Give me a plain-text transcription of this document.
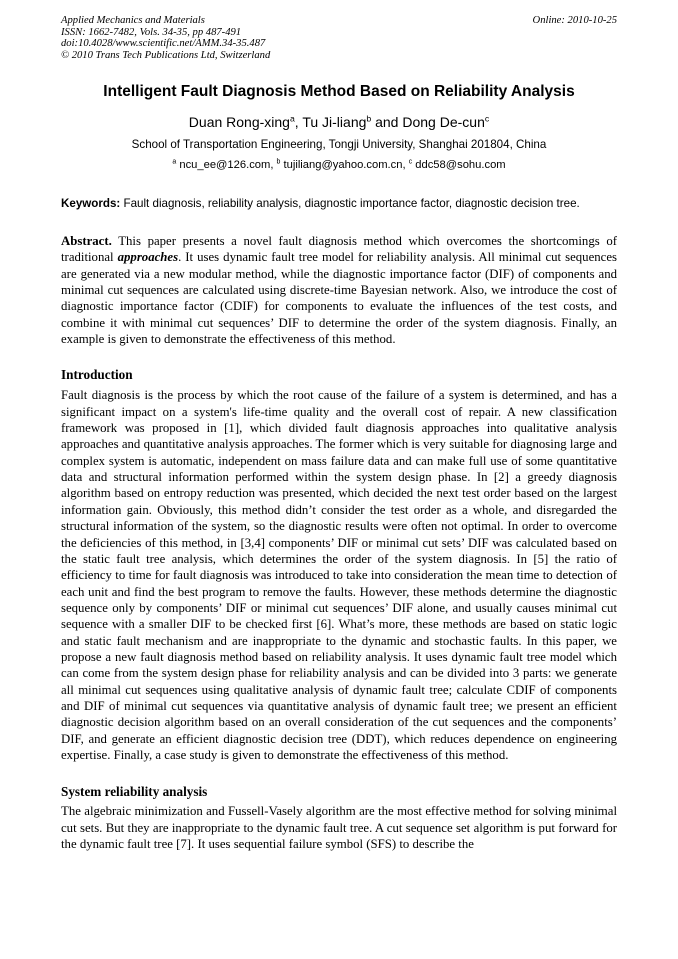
Applied Mechanics and Materials
ISSN: 1662-7482, Vols. 34-35, pp 487-491
doi:10.4028/www.scientific.net/AMM.34-35.487
© 2010 Trans Tech Publications Ltd, Switzerland
Online: 2010-10-25
Intelligent Fault Diagnosis Method Based on Reliability Analysis
Duan Rong-xing$^a$, Tu Ji-liang$^b$ and Dong De-cun$^c$
School of Transportation Engineering, Tongji University, Shanghai 201804, China
$^a$ ncu_ee@126.com, $^b$ tujiliang@yahoo.com.cn, $^c$ ddc58@sohu.com

Keywords: Fault diagnosis, reliability analysis, diagnostic importance factor, diagnostic decision tree.

Abstract. This paper presents a novel fault diagnosis method which overcomes the shortcomings of traditional approaches. It uses dynamic fault tree model for reliability analysis. All minimal cut sequences are generated via a new modular method, while the diagnostic importance factor (DIF) of components and minimal cut sequences are calculated using discrete-time Bayesian network. Also, we introduce the cost of diagnostic importance factor (CDIF) for components to evaluate the influences of the test costs, and combine it with minimal cut sequences’ DIF to determine the order of the system diagnosis. Finally, an example is given to demonstrate the effectiveness of this method.

Introduction

Fault diagnosis is the process by which the root cause of the failure of a system is determined, and has a significant impact on a system's life-time quality and the overall cost of repair. A new classification framework was proposed in [1], which divided fault diagnosis approaches into qualitative analysis approaches and quantitative analysis approaches. The former which is very suitable for diagnosing large and complex system is automatic, independent on mass failure data and can make full use of some quantitative data and structural information performed within the system design phase. In [2] a greedy diagnosis algorithm based on entropy reduction was presented, which decided the next test order based on the largest information gain. Obviously, this method didn’t consider the test order as a whole, and disregarded the structural information of the system, so the diagnostic results were often not optimal. In order to overcome the deficiencies of this method, in [3,4] components’ DIF or minimal cut sets’ DIF was calculated based on the static fault tree analysis, which determines the order of the system diagnosis. In [5] the ratio of efficiency to time for fault diagnosis was introduced to take into consideration the mean time to detection of each unit and find the best program to remove the faults. However, these methods determine the diagnostic sequence only by components’ DIF or minimal cut sequences’ DIF alone, and usually causes minimal cut sequence with a smaller DIF to be checked first [6]. What’s more, these methods are based on static logic and static fault mechanism and are inappropriate to the dynamic and stochastic faults. In this paper, we propose a new fault diagnosis method based on reliability analysis. It uses dynamic fault tree model which can come from the system design phase for reliability analysis and can be divided into 3 parts: we generate all minimal cut sequences using qualitative analysis of dynamic fault tree; calculate CDIF of components and DIF of minimal cut sequences via quantitative analysis of dynamic fault tree; we present an efficient diagnostic decision algorithm based on an overall consideration of the cut sequences and the components’ DIF, and generate an efficient diagnostic decision tree (DDT), which reduces dependence on engineering expertise. Finally, a case study is given to demonstrate the effectiveness of this method.

System reliability analysis

The algebraic minimization and Fussell-Vasely algorithm are the most effective method for solving minimal cut sets. But they are inappropriate to the dynamic fault tree. A cut sequence set algorithm is put forward for the dynamic fault tree [7]. It uses sequential failure symbol (SFS) to describe the
